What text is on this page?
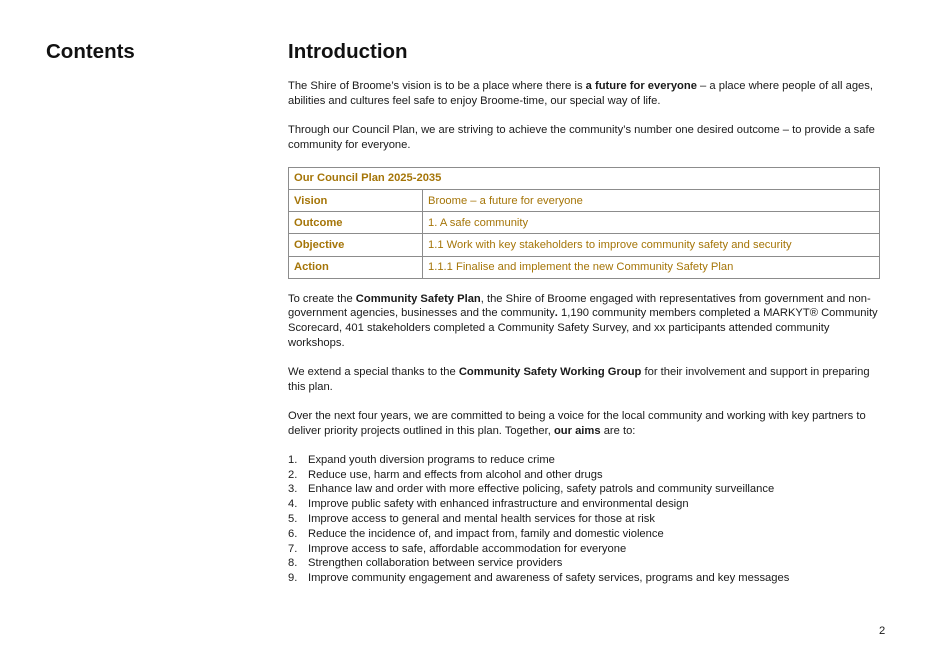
Contents	Introduction

The Shire of Broome’s vision is to be a place where there is a future for everyone – a place where people of all ages, abilities and cultures feel safe to enjoy Broome-time, our special way of life.

Through our Council Plan, we are striving to achieve the community’s number one desired outcome – to provide a safe community for everyone.

Our Council Plan 2025-2035	
Vision	Broome – a future for everyone
Outcome	1. A safe community
Objective	1.1 Work with key stakeholders to improve community safety and security
Action	1.1.1 Finalise and implement the new Community Safety Plan

To create the Community Safety Plan, the Shire of Broome engaged with representatives from government and non-government agencies, businesses and the community. 1,190 community members completed a MARKYT® Community Scorecard, 401 stakeholders completed a Community Safety Survey, and xx participants attended community workshops.

We extend a special thanks to the Community Safety Working Group for their involvement and support in preparing this plan.

Over the next four years, we are committed to being a voice for the local community and working with key partners to deliver priority projects outlined in this plan. Together, our aims are to:

1. Expand youth diversion programs to reduce crime
2. Reduce use, harm and effects from alcohol and other drugs
3. Enhance law and order with more effective policing, safety patrols and community surveillance
4. Improve public safety with enhanced infrastructure and environmental design
5. Improve access to general and mental health services for those at risk
6. Reduce the incidence of, and impact from, family and domestic violence
7. Improve access to safe, affordable accommodation for everyone
8. Strengthen collaboration between service providers
9. Improve community engagement and awareness of safety services, programs and key messages
2
